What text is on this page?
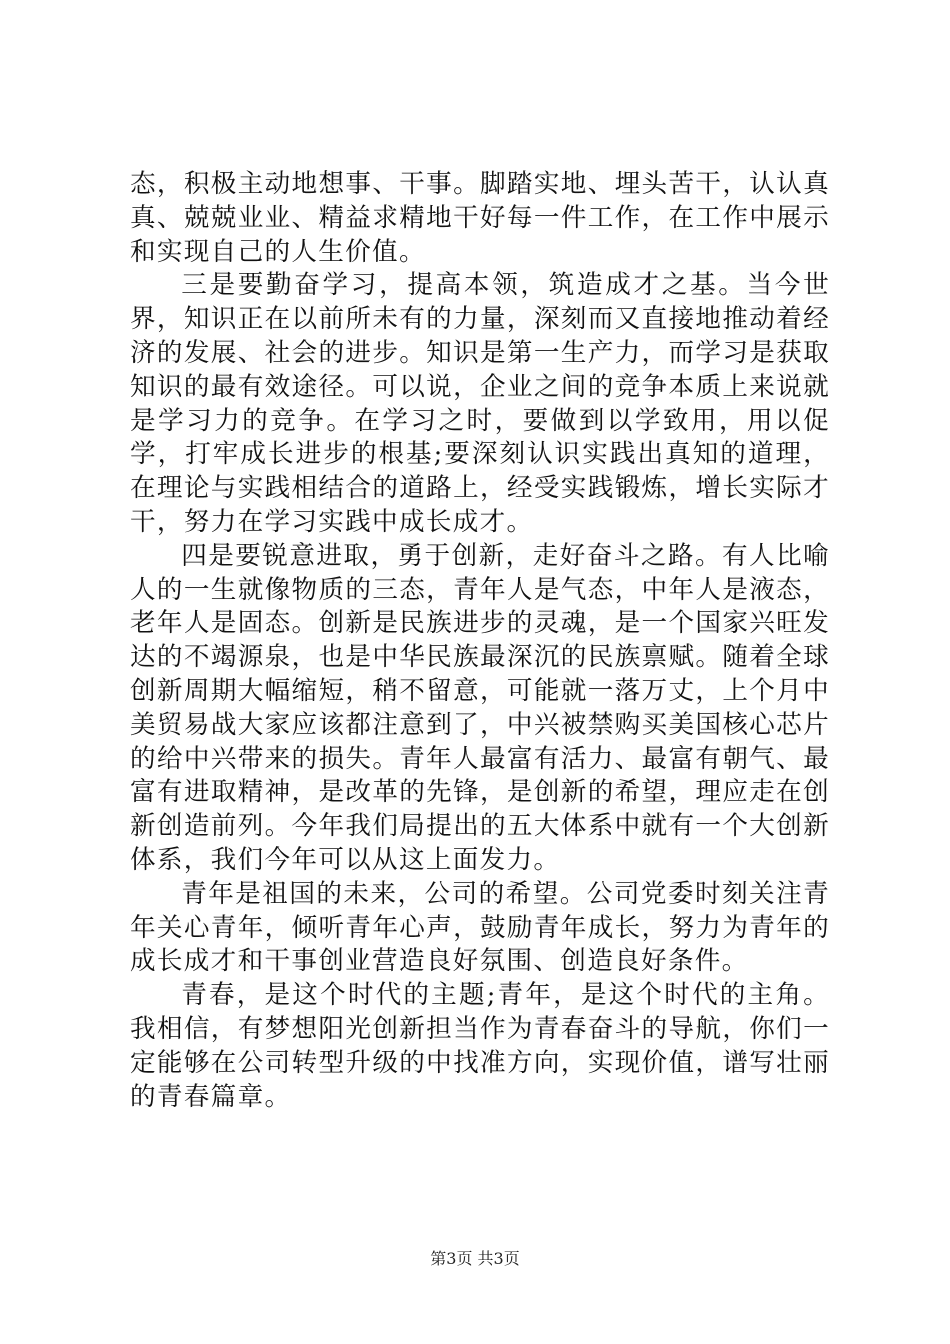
态，积极主动地想事、干事。脚踏实地、埋头苦干，认认真真、兢兢业业、精益求精地干好每一件工作，在工作中展示和实现自己的人生价值。

三是要勤奋学习，提高本领，筑造成才之基。当今世界，知识正在以前所未有的力量，深刻而又直接地推动着经济的发展、社会的进步。知识是第一生产力，而学习是获取知识的最有效途径。可以说，企业之间的竞争本质上来说就是学习力的竞争。在学习之时，要做到以学致用，用以促学，打牢成长进步的根基;要深刻认识实践出真知的道理，在理论与实践相结合的道路上，经受实践锻炼，增长实际才干，努力在学习实践中成长成才。

四是要锐意进取，勇于创新，走好奋斗之路。有人比喻人的一生就像物质的三态，青年人是气态，中年人是液态，老年人是固态。创新是民族进步的灵魂，是一个国家兴旺发达的不竭源泉，也是中华民族最深沉的民族禀赋。随着全球创新周期大幅缩短，稍不留意，可能就一落万丈，上个月中美贸易战大家应该都注意到了，中兴被禁购买美国核心芯片的给中兴带来的损失。青年人最富有活力、最富有朝气、最富有进取精神，是改革的先锋，是创新的希望，理应走在创新创造前列。今年我们局提出的五大体系中就有一个大创新体系，我们今年可以从这上面发力。

青年是祖国的未来，公司的希望。公司党委时刻关注青年关心青年，倾听青年心声，鼓励青年成长，努力为青年的成长成才和干事创业营造良好氛围、创造良好条件。

青春，是这个时代的主题;青年，是这个时代的主角。我相信，有梦想阳光创新担当作为青春奋斗的导航，你们一定能够在公司转型升级的中找准方向，实现价值，谱写壮丽的青春篇章。

第3页 共3页
